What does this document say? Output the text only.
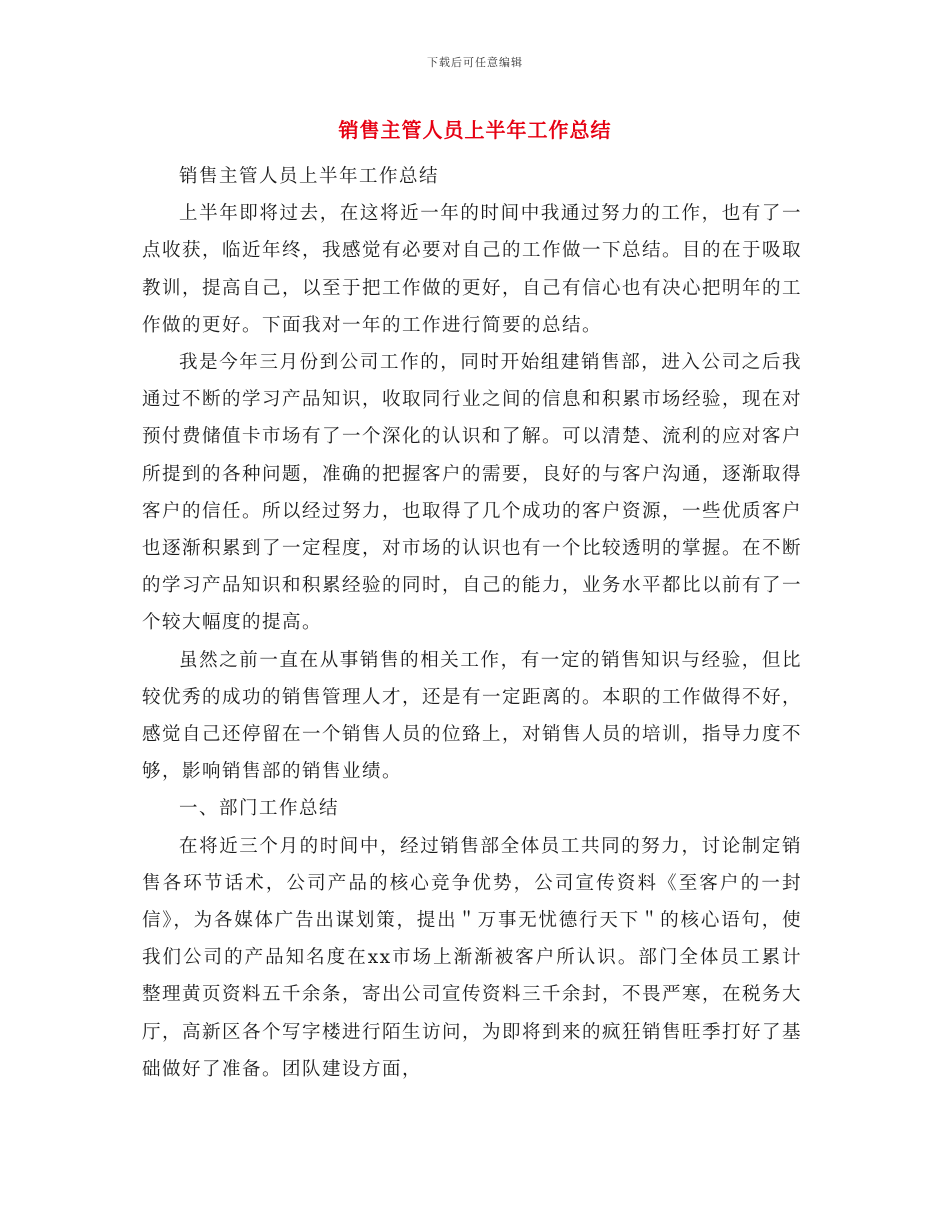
下载后可任意编辑
销售主管人员上半年工作总结

销售主管人员上半年工作总结

上半年即将过去，在这将近一年的时间中我通过努力的工作，也有了一点收获，临近年终，我感觉有必要对自己的工作做一下总结。目的在于吸取教训，提高自己，以至于把工作做的更好，自己有信心也有决心把明年的工作做的更好。下面我对一年的工作进行简要的总结。

我是今年三月份到公司工作的，同时开始组建销售部，进入公司之后我通过不断的学习产品知识，收取同行业之间的信息和积累市场经验，现在对预付费储值卡市场有了一个深化的认识和了解。可以清楚、流利的应对客户所提到的各种问题，准确的把握客户的需要，良好的与客户沟通，逐渐取得客户的信任。所以经过努力，也取得了几个成功的客户资源，一些优质客户也逐渐积累到了一定程度，对市场的认识也有一个比较透明的掌握。在不断的学习产品知识和积累经验的同时，自己的能力，业务水平都比以前有了一个较大幅度的提高。

虽然之前一直在从事销售的相关工作，有一定的销售知识与经验，但比较优秀的成功的销售管理人才，还是有一定距离的。本职的工作做得不好，感觉自己还停留在一个销售人员的位臵上，对销售人员的培训，指导力度不够，影响销售部的销售业绩。

一、部门工作总结

在将近三个月的时间中，经过销售部全体员工共同的努力，讨论制定销售各环节话术，公司产品的核心竞争优势，公司宣传资料《至客户的一封信》，为各媒体广告出谋划策，提出＂万事无忧德行天下＂的核心语句，使我们公司的产品知名度在xx市场上渐渐被客户所认识。部门全体员工累计整理黄页资料五千余条，寄出公司宣传资料三千余封，不畏严寒，在税务大厅，高新区各个写字楼进行陌生访问，为即将到来的疯狂销售旺季打好了基础做好了准备。团队建设方面，
